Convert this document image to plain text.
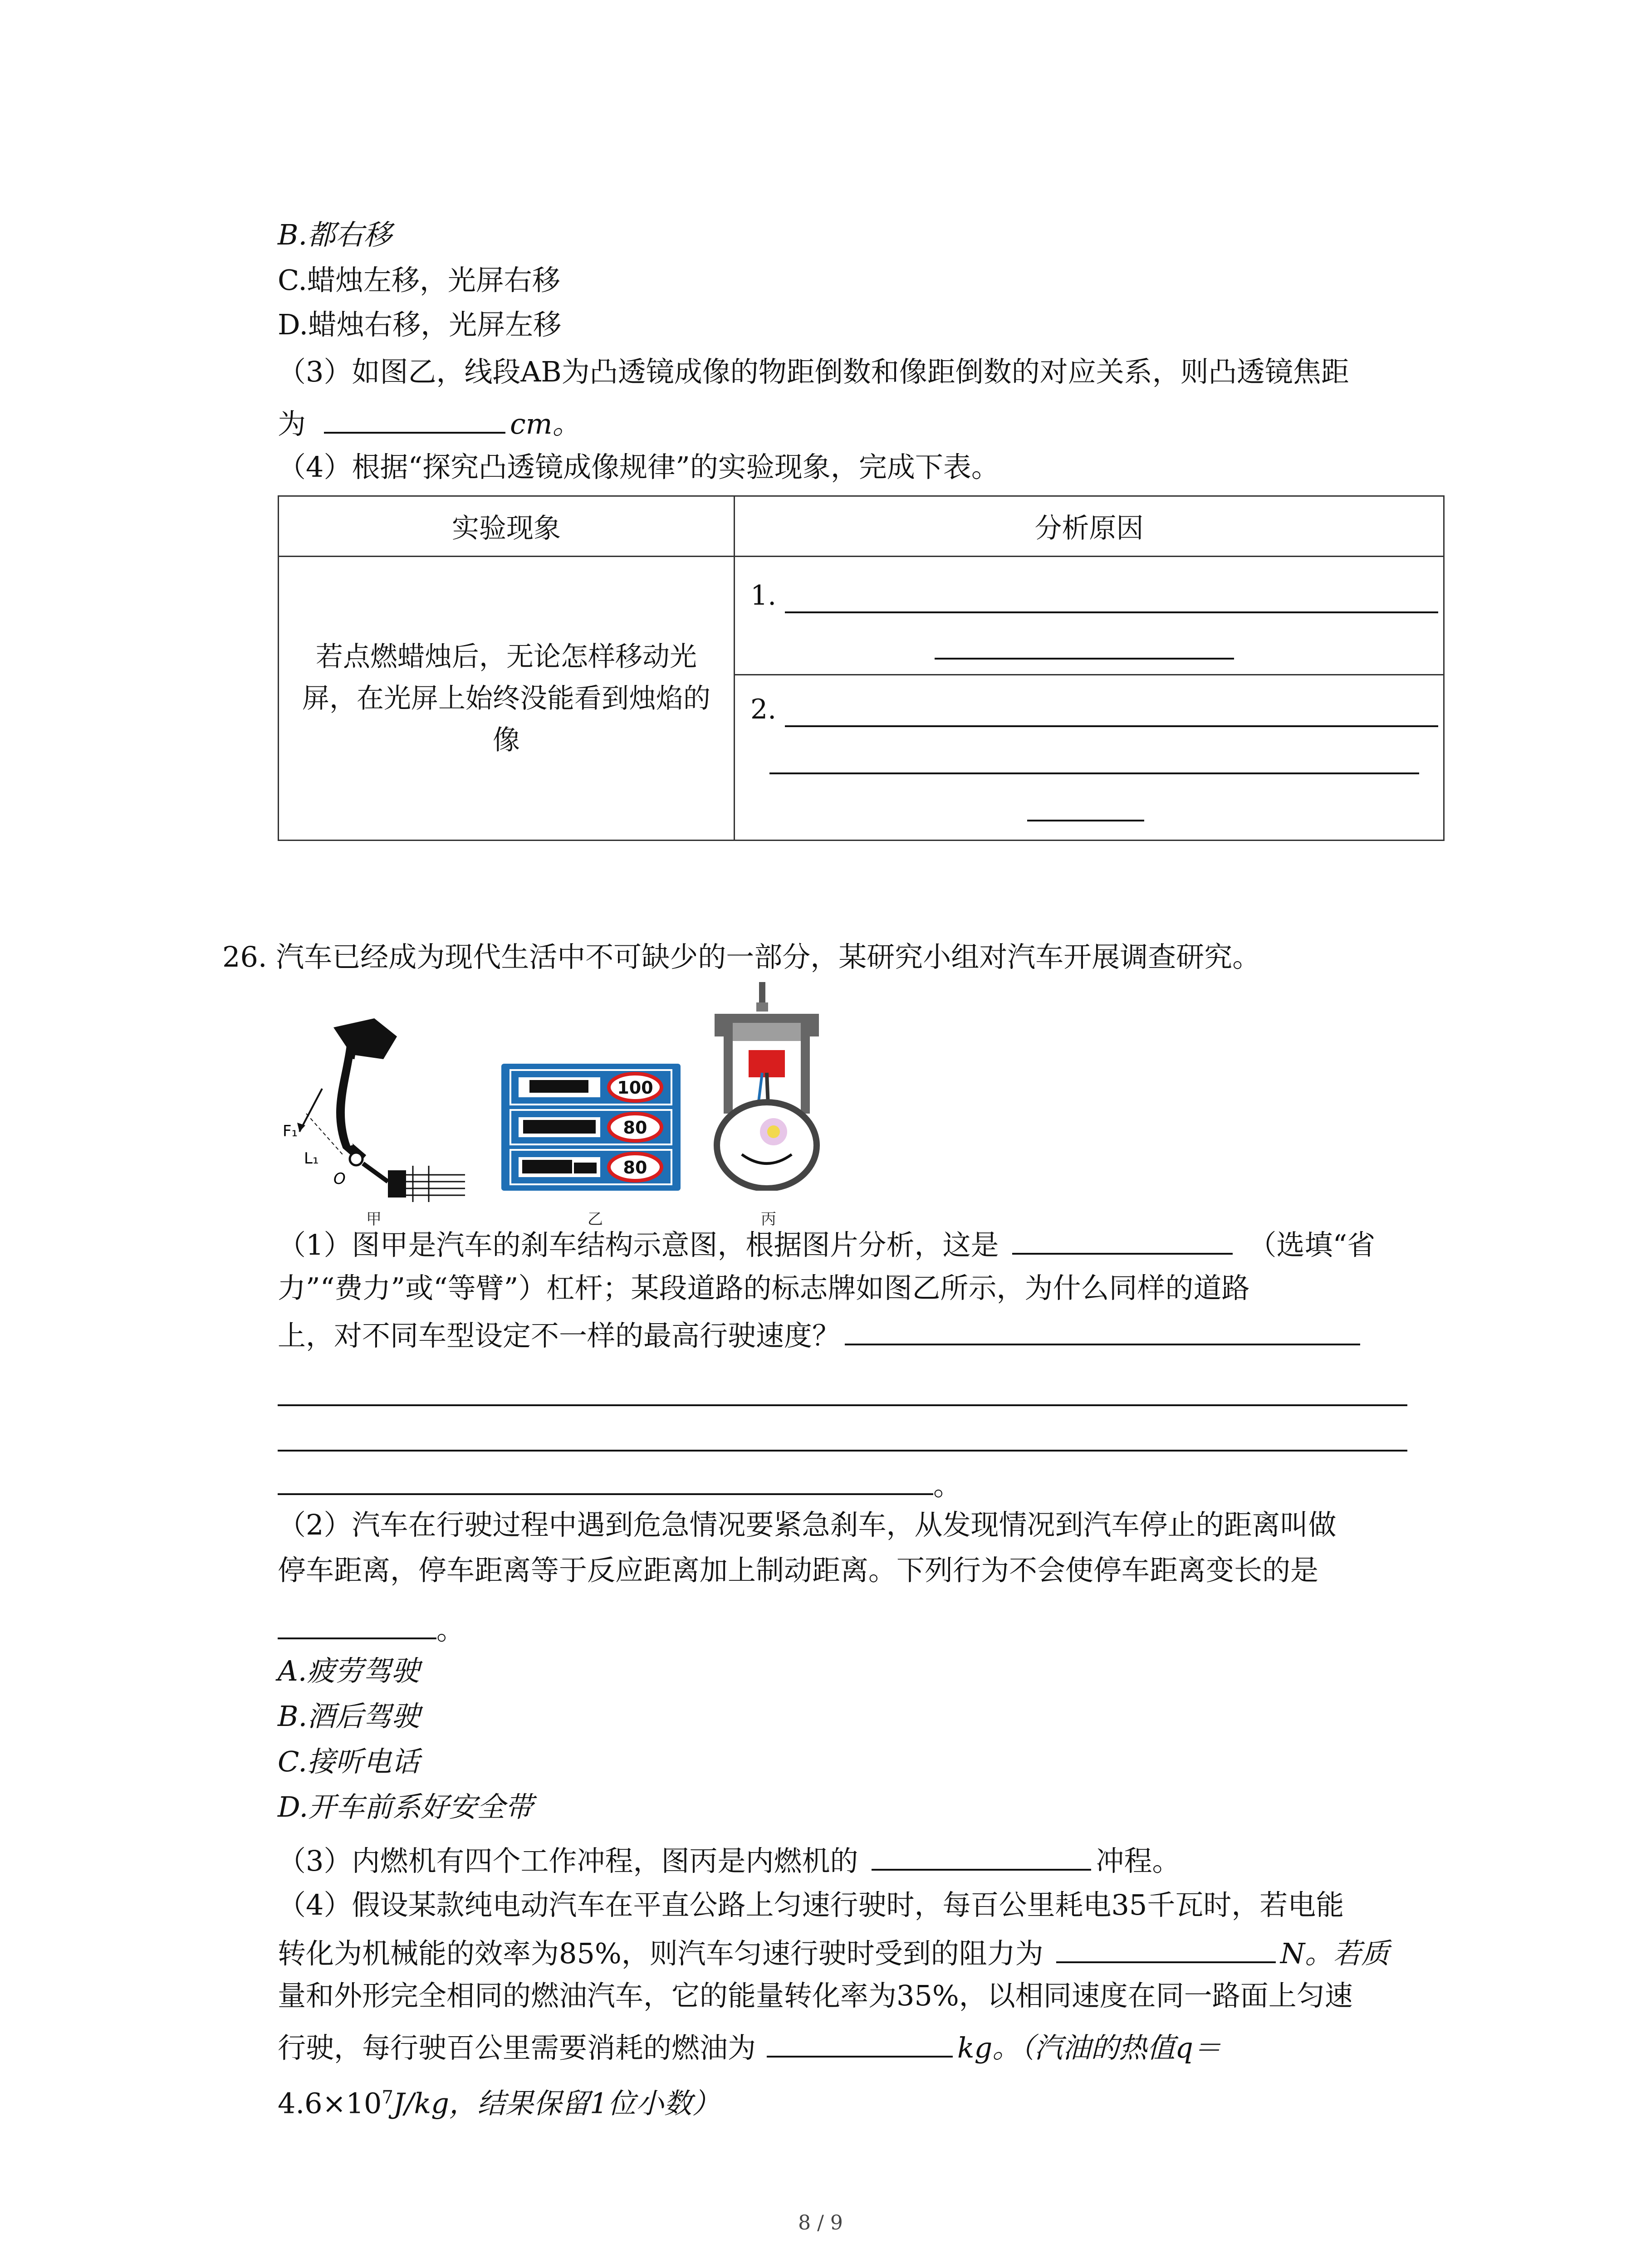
B.都右移
C.蜡烛左移，光屏右移
D.蜡烛右移，光屏左移
（3）如图乙，线段AB为凸透镜成像的物距倒数和像距倒数的对应关系，则凸透镜焦距
为	cm。
（4）根据“探究凸透镜成像规律”的实验现象，完成下表。
实验现象	分析原因

若点燃蜡烛后，无论怎样移动光屏，在光屏上始终没能看到烛焰的像	1.

	2.
26. 汽车已经成为现代生活中不可缺少的一部分，某研究小组对汽车开展调查研究。
F₁
L₁
O
甲
100
80
80
乙	丙
（1）图甲是汽车的刹车结构示意图，根据图片分析，这是	（选填“省
力”“费力”或“等臂”）杠杆；某段道路的标志牌如图乙所示，为什么同样的道路
上，对不同车型设定不一样的最高行驶速度？
。
（2）汽车在行驶过程中遇到危急情况要紧急刹车，从发现情况到汽车停止的距离叫做
停车距离，停车距离等于反应距离加上制动距离。下列行为不会使停车距离变长的是
。
A.疲劳驾驶
B.酒后驾驶
C.接听电话
D.开车前系好安全带
（3）内燃机有四个工作冲程，图丙是内燃机的	冲程。
（4）假设某款纯电动汽车在平直公路上匀速行驶时，每百公里耗电35千瓦时，若电能
转化为机械能的效率为85%，则汽车匀速行驶时受到的阻力为	N。若质
量和外形完全相同的燃油汽车，它的能量转化率为35%，以相同速度在同一路面上匀速
行驶，每行驶百公里需要消耗的燃油为	kg。（汽油的热值q＝
$4.6\times 10^7J/kg$，结果保留1位小数）
8 / 9
